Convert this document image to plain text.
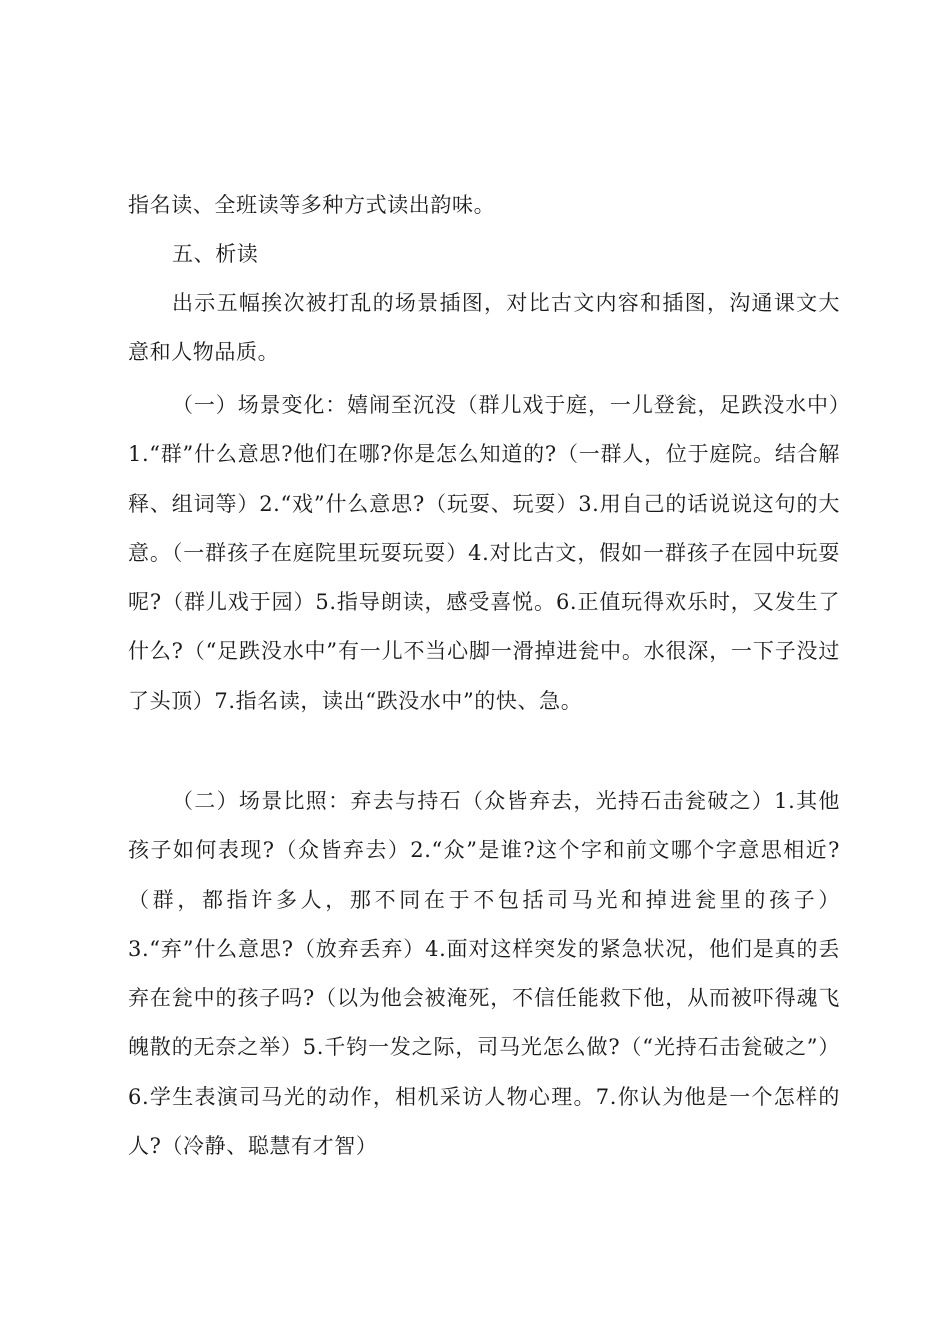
指名读、全班读等多种方式读出韵味。
五、析读
出示五幅挨次被打乱的场景插图，对比古文内容和插图，沟通课文大意和人物品质。
（一）场景变化：嬉闹至沉没（群儿戏于庭，一儿登瓮，足跌没水中）1.“群”什么意思?他们在哪?你是怎么知道的?（一群人，位于庭院。结合解释、组词等）2.“戏”什么意思?（玩耍、玩耍）3.用自己的话说说这句的大意。（一群孩子在庭院里玩耍玩耍）4.对比古文，假如一群孩子在园中玩耍呢?（群儿戏于园）5.指导朗读，感受喜悦。6.正值玩得欢乐时，又发生了什么?（“足跌没水中”有一儿不当心脚一滑掉进瓮中。水很深，一下子没过了头顶）7.指名读，读出“跌没水中”的快、急。
（二）场景比照：弃去与持石（众皆弃去，光持石击瓮破之）1.其他孩子如何表现?（众皆弃去）2.“众”是谁?这个字和前文哪个字意思相近?（群，都指许多人，那不同在于不包括司马光和掉进瓮里的孩子）3.“弃”什么意思?（放弃丢弃）4.面对这样突发的紧急状况，他们是真的丢弃在瓮中的孩子吗?（以为他会被淹死，不信任能救下他，从而被吓得魂飞魄散的无奈之举）5.千钧一发之际，司马光怎么做?（“光持石击瓮破之”）6.学生表演司马光的动作，相机采访人物心理。7.你认为他是一个怎样的人?（冷静、聪慧有才智）
